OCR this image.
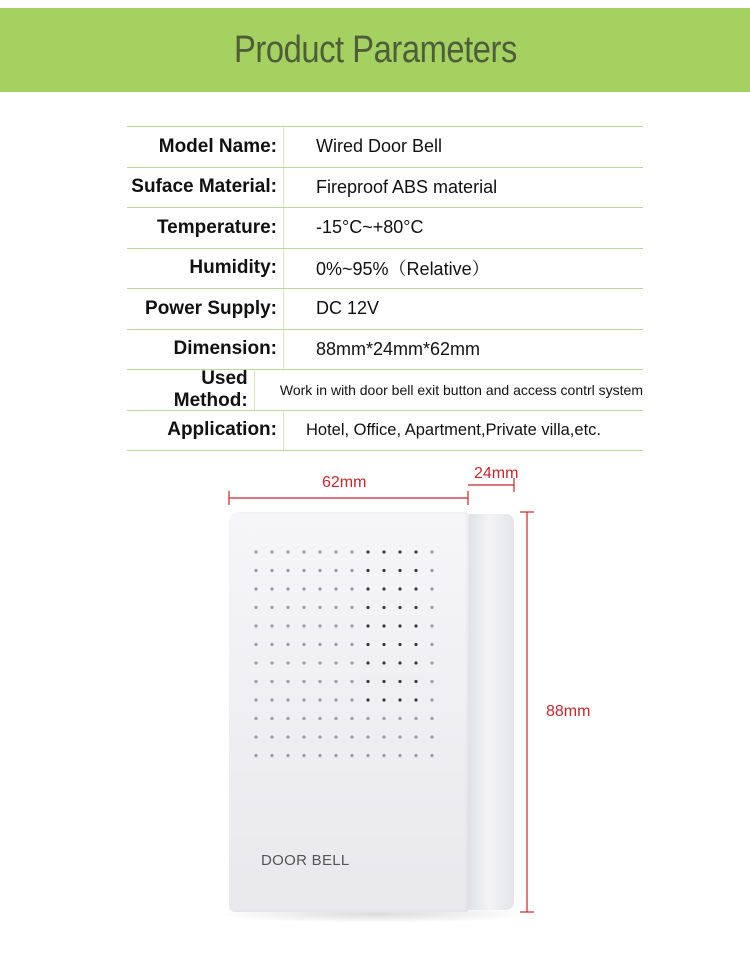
Product Parameters
Model Name:	Wired Door Bell
Suface Material:	Fireproof ABS material
Temperature:	-15°C~+80°C
Humidity:	0%~95%（Relative）
Power Supply:	DC 12V
Dimension:	88mm*24mm*62mm
Used Method:	Work in with door bell exit button and access contrl system
Application:	Hotel, Office, Apartment,Private villa,etc.
62mm
24mm
88mm
DOOR BELL
